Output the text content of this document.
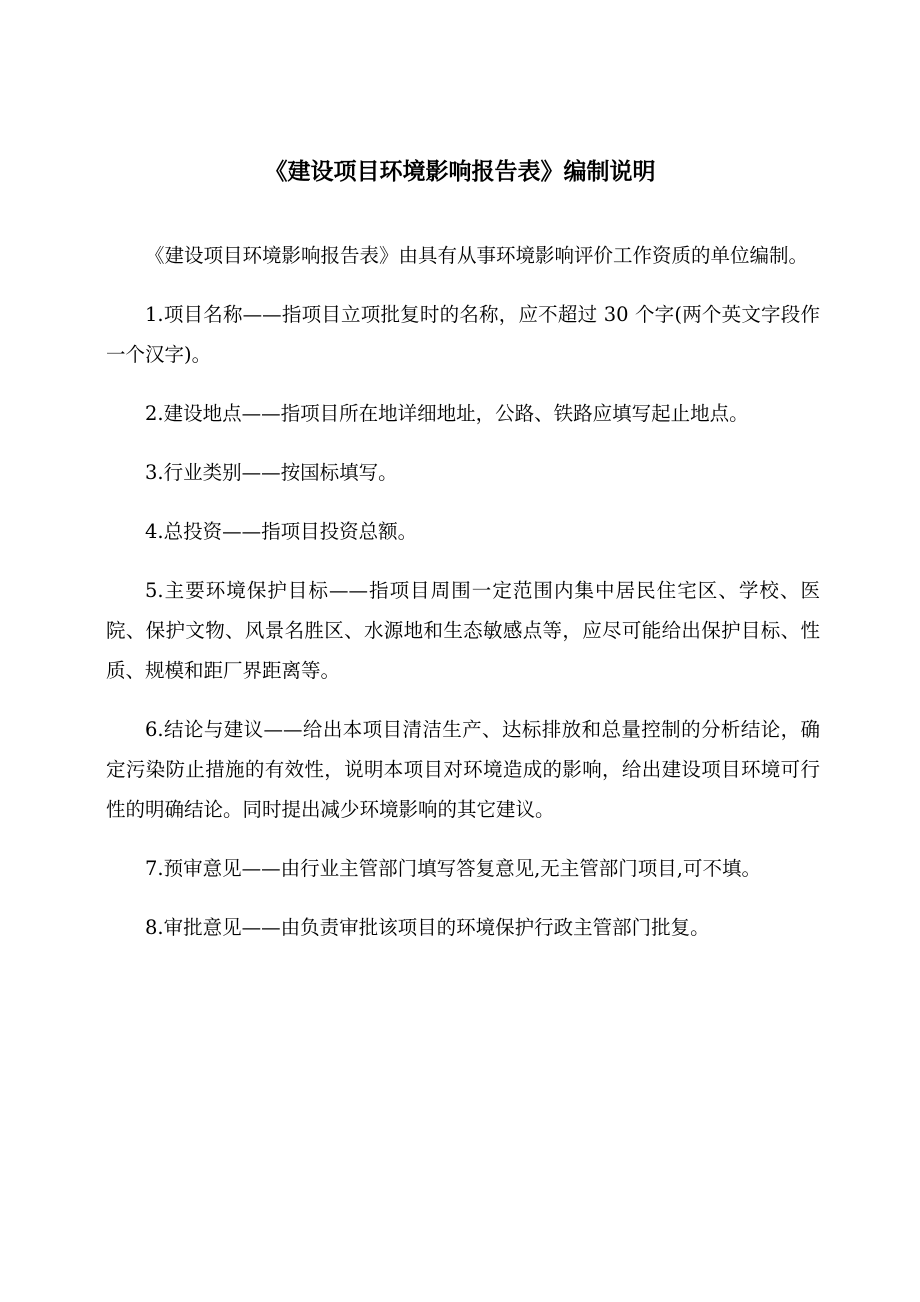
《建设项目环境影响报告表》编制说明

《建设项目环境影响报告表》由具有从事环境影响评价工作资质的单位编制。

1.项目名称——指项目立项批复时的名称，应不超过 30 个字(两个英文字段作一个汉字)。

2.建设地点——指项目所在地详细地址，公路、铁路应填写起止地点。

3.行业类别——按国标填写。

4.总投资——指项目投资总额。

5.主要环境保护目标——指项目周围一定范围内集中居民住宅区、学校、医院、保护文物、风景名胜区、水源地和生态敏感点等，应尽可能给出保护目标、性质、规模和距厂界距离等。

6.结论与建议——给出本项目清洁生产、达标排放和总量控制的分析结论，确定污染防止措施的有效性，说明本项目对环境造成的影响，给出建设项目环境可行性的明确结论。同时提出减少环境影响的其它建议。

7.预审意见——由行业主管部门填写答复意见,无主管部门项目,可不填。

8.审批意见——由负责审批该项目的环境保护行政主管部门批复。
